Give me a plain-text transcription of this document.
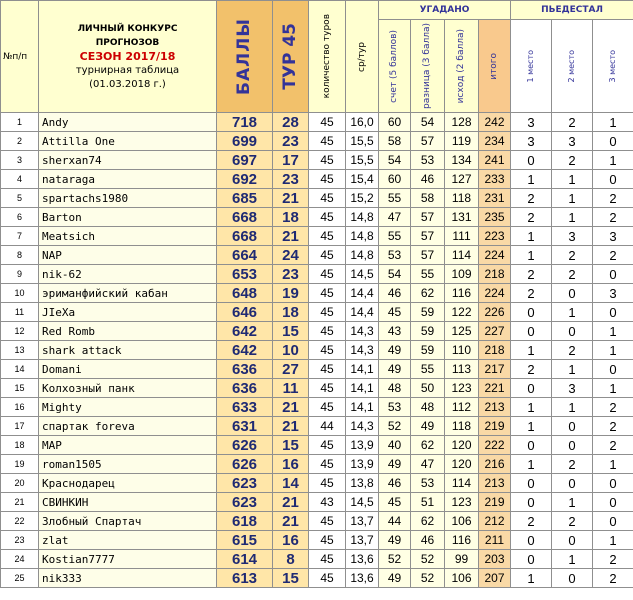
№п/п	ЛИЧНЫЙ КОНКУРС
ПРОГНОЗОВ
СЕЗОН 2017/18
турнирная таблица
(01.03.2018 г.)	БАЛЛЫ	ТУР 45	количество туров	ср/тур	УГАДАНО				ПЬЕДЕСТАЛ		

						счет (5 баллов)	разница (3 балла)	исход (2 балла)	итого	1 место	2 место	3 место

1	Andy	718	28	45	16,0	60	54	128	242	3	2	1
2	Attilla One	699	23	45	15,5	58	57	119	234	3	3	0
3	sherxan74	697	17	45	15,5	54	53	134	241	0	2	1
4	nataraga	692	23	45	15,4	60	46	127	233	1	1	0
5	spartachs1980	685	21	45	15,2	55	58	118	231	2	1	2
6	Barton	668	18	45	14,8	47	57	131	235	2	1	2
7	Meatsich	668	21	45	14,8	55	57	111	223	1	3	3
8	NAP	664	24	45	14,8	53	57	114	224	1	2	2
9	nik-62	653	23	45	14,5	54	55	109	218	2	2	0
10	эриманфийский кабан	648	19	45	14,4	46	62	116	224	2	0	3
11	JIeXa	646	18	45	14,4	45	59	122	226	0	1	0
12	Red Romb	642	15	45	14,3	43	59	125	227	0	0	1
13	shark attack	642	10	45	14,3	49	59	110	218	1	2	1
14	Domani	636	27	45	14,1	49	55	113	217	2	1	0
15	Колхозный панк	636	11	45	14,1	48	50	123	221	0	3	1
16	Mighty	633	21	45	14,1	53	48	112	213	1	1	2
17	спартак foreva	631	21	44	14,3	52	49	118	219	1	0	2
18	MAP	626	15	45	13,9	40	62	120	222	0	0	2
19	roman1505	626	16	45	13,9	49	47	120	216	1	2	1
20	Краснодарец	623	14	45	13,8	46	53	114	213	0	0	0
21	СВИНКИН	623	21	43	14,5	45	51	123	219	0	1	0
22	Злобный Спартач	618	21	45	13,7	44	62	106	212	2	2	0
23	zlat	615	16	45	13,7	49	46	116	211	0	0	1
24	Kostian7777	614	8	45	13,6	52	52	99	203	0	1	2
25	nik333	613	15	45	13,6	49	52	106	207	1	0	2
